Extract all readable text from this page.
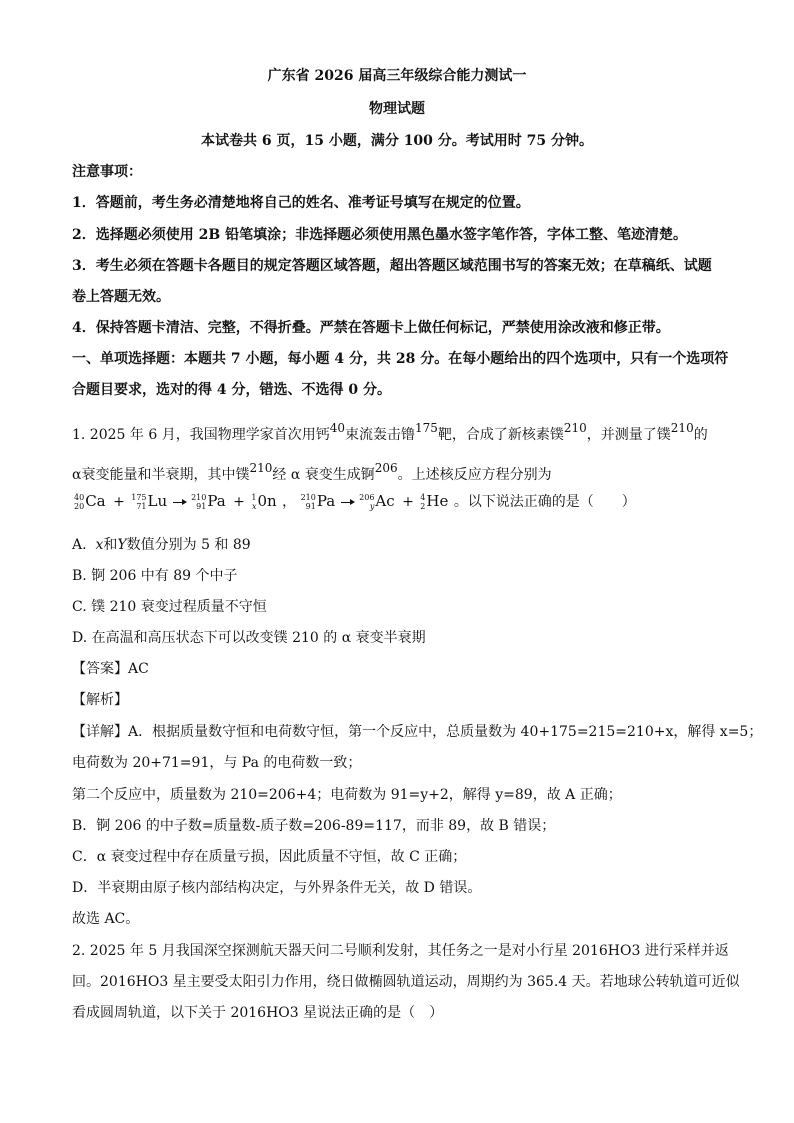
广东省 2026 届高三年级综合能力测试一
物理试题
本试卷共 6 页，15 小题，满分 100 分。考试用时 75 分钟。
注意事项：
1．答题前，考生务必清楚地将自己的姓名、准考证号填写在规定的位置。
2．选择题必须使用 2B 铅笔填涂；非选择题必须使用黑色墨水签字笔作答，字体工整、笔迹清楚。
3．考生必须在答题卡各题目的规定答题区域答题，超出答题区域范围书写的答案无效；在草稿纸、试题
卷上答题无效。
4．保持答题卡清洁、完整，不得折叠。严禁在答题卡上做任何标记，严禁使用涂改液和修正带。
一、单项选择题：本题共 7 小题，每小题 4 分，共 28 分。在每小题给出的四个选项中，只有一个选项符
合题目要求，选对的得 4 分，错选、不选得 0 分。
1. 2025 年 6 月，我国物理学家首次用钙40束流轰击镥175靶，合成了新核素镤210，并测量了镤210的
α衰变能量和半衰期，其中镤210经 α 衰变生成锕206。上述核反应方程分别为
40
20 Ca + 175
71 Lu	210
91 Pa + 1
x 0n ， 210
91 Pa	206
y Ac + 4
2 He 。以下说法正确的是（　　）
A. x和Y数值分别为 5 和 89
B. 锕 206 中有 89 个中子
C. 镤 210 衰变过程质量不守恒
D. 在高温和高压状态下可以改变镤 210 的 α 衰变半衰期
【答案】AC
【解析】
【详解】A．根据质量数守恒和电荷数守恒，第一个反应中，总质量数为 40+175=215=210+x，解得 x=5；
电荷数为 20+71=91，与 Pa 的电荷数一致；
第二个反应中，质量数为 210=206+4；电荷数为 91=y+2，解得 y=89，故 A 正确；
B．锕 206 的中子数=质量数-质子数=206-89=117，而非 89，故 B 错误；
C．α 衰变过程中存在质量亏损，因此质量不守恒，故 C 正确；
D．半衰期由原子核内部结构决定，与外界条件无关，故 D 错误。
故选 AC。
2. 2025 年 5 月我国深空探测航天器天问二号顺利发射，其任务之一是对小行星 2016HO3 进行采样并返
回。2016HO3 星主要受太阳引力作用，绕日做椭圆轨道运动，周期约为 365.4 天。若地球公转轨道可近似
看成圆周轨道，以下关于 2016HO3 星说法正确的是（　）
